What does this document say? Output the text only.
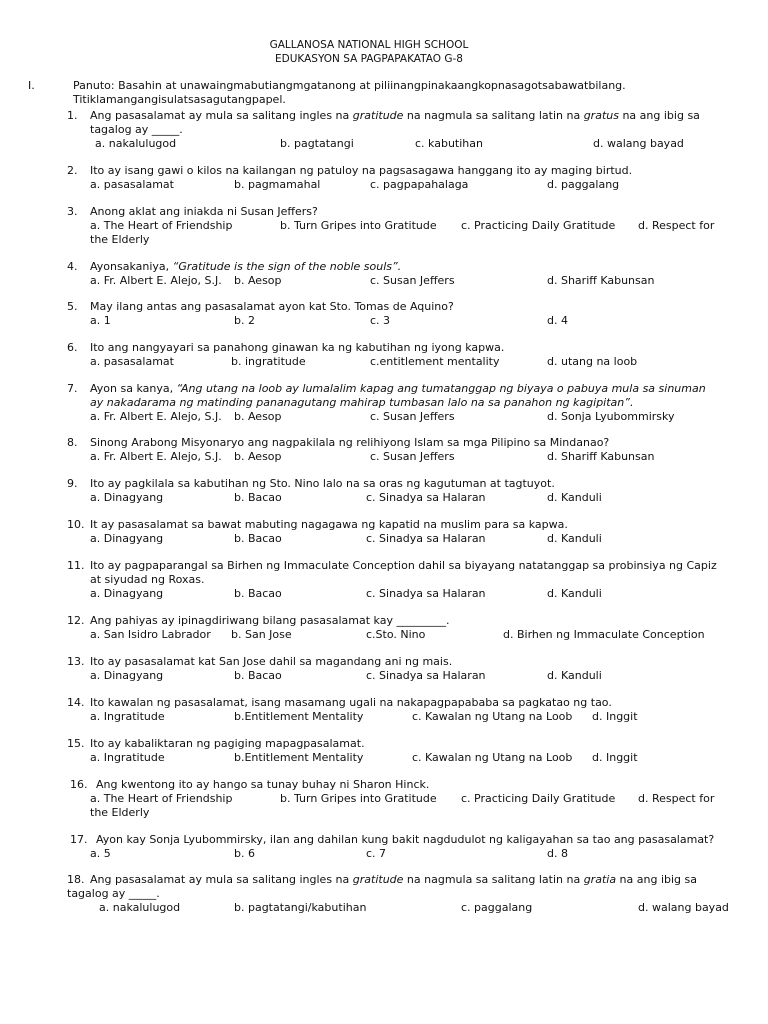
GALLANOSA NATIONAL HIGH SCHOOL
EDUKASYON SA PAGPAPAKATAO G-8
I.	Panuto: Basahin at unawaingmabutiangmgatanong at piliinangpinakaangkopnasagotsabawatbilang.
Titiklamangangisulatsasagutangpapel.
1.	Ang pasasalamat ay mula sa salitang ingles na gratitude na nagmula sa salitang latin na gratus na ang ibig sa
tagalog ay _____.
a. nakalulugod	b. pagtatangi	c. kabutihan	d. walang bayad
2.	Ito ay isang gawi o kilos na kailangan ng patuloy na pagsasagawa hanggang ito ay maging birtud.
a. pasasalamat	b. pagmamahal	c. pagpapahalaga	d. paggalang
3.	Anong aklat ang iniakda ni Susan Jeffers?
a. The Heart of Friendship	b. Turn Gripes into Gratitude c. Practicing Daily Gratitude d. Respect for
the Elderly
4.	Ayonsakaniya, “Gratitude is the sign of the noble souls”.
a. Fr. Albert E. Alejo, S.J. b. Aesop	c. Susan Jeffers	d. Shariff Kabunsan
5.	May ilang antas ang pasasalamat ayon kat Sto. Tomas de Aquino?
a. 1	b. 2	c. 3	d. 4
6.	Ito ang nangyayari sa panahong ginawan ka ng kabutihan ng iyong kapwa.
a. pasasalamat	b. ingratitude	c.entitlement mentality	d. utang na loob
7.	Ayon sa kanya, “Ang utang na loob ay lumalalim kapag ang tumatanggap ng biyaya o pabuya mula sa sinuman
ay nakadarama ng matinding pananagutang mahirap tumbasan lalo na sa panahon ng kagipitan”.
a. Fr. Albert E. Alejo, S.J. b. Aesop	c. Susan Jeffers	d. Sonja Lyubommirsky
8.	Sinong Arabong Misyonaryo ang nagpakilala ng relihiyong Islam sa mga Pilipino sa Mindanao?
a. Fr. Albert E. Alejo, S.J. b. Aesop	c. Susan Jeffers	d. Shariff Kabunsan
9.	Ito ay pagkilala sa kabutihan ng Sto. Nino lalo na sa oras ng kagutuman at tagtuyot.
a. Dinagyang	b. Bacao	c. Sinadya sa Halaran	d. Kanduli
10. It ay pasasalamat sa bawat mabuting nagagawa ng kapatid na muslim para sa kapwa.
a. Dinagyang	b. Bacao	c. Sinadya sa Halaran	d. Kanduli
11. Ito ay pagpaparangal sa Birhen ng Immaculate Conception dahil sa biyayang natatanggap sa probinsiya ng Capiz
at siyudad ng Roxas.
a. Dinagyang	b. Bacao	c. Sinadya sa Halaran	d. Kanduli
12. Ang pahiyas ay ipinagdiriwang bilang pasasalamat kay _________.
a. San Isidro Labrador b. San Jose	c.Sto. Nino	d. Birhen ng Immaculate Conception
13. Ito ay pasasalamat kat San Jose dahil sa magandang ani ng mais.
a. Dinagyang	b. Bacao	c. Sinadya sa Halaran	d. Kanduli
14. Ito kawalan ng pasasalamat, isang masamang ugali na nakapagpapababa sa pagkatao ng tao.
a. Ingratitude	b.Entitlement Mentality	c. Kawalan ng Utang na Loob d. Inggit
15. Ito ay kabaliktaran ng pagiging mapagpasalamat.
a. Ingratitude	b.Entitlement Mentality	c. Kawalan ng Utang na Loob d. Inggit
16. Ang kwentong ito ay hango sa tunay buhay ni Sharon Hinck.
a. The Heart of Friendship	b. Turn Gripes into Gratitude c. Practicing Daily Gratitude d. Respect for
the Elderly
17. Ayon kay Sonja Lyubommirsky, ilan ang dahilan kung bakit nagdudulot ng kaligayahan sa tao ang pasasalamat?
a. 5	b. 6	c. 7	d. 8
18. Ang pasasalamat ay mula sa salitang ingles na gratitude na nagmula sa salitang latin na gratia na ang ibig sa
tagalog ay _____.
a. nakalulugod	b. pagtatangi/kabutihan	c. paggalang	d. walang bayad
